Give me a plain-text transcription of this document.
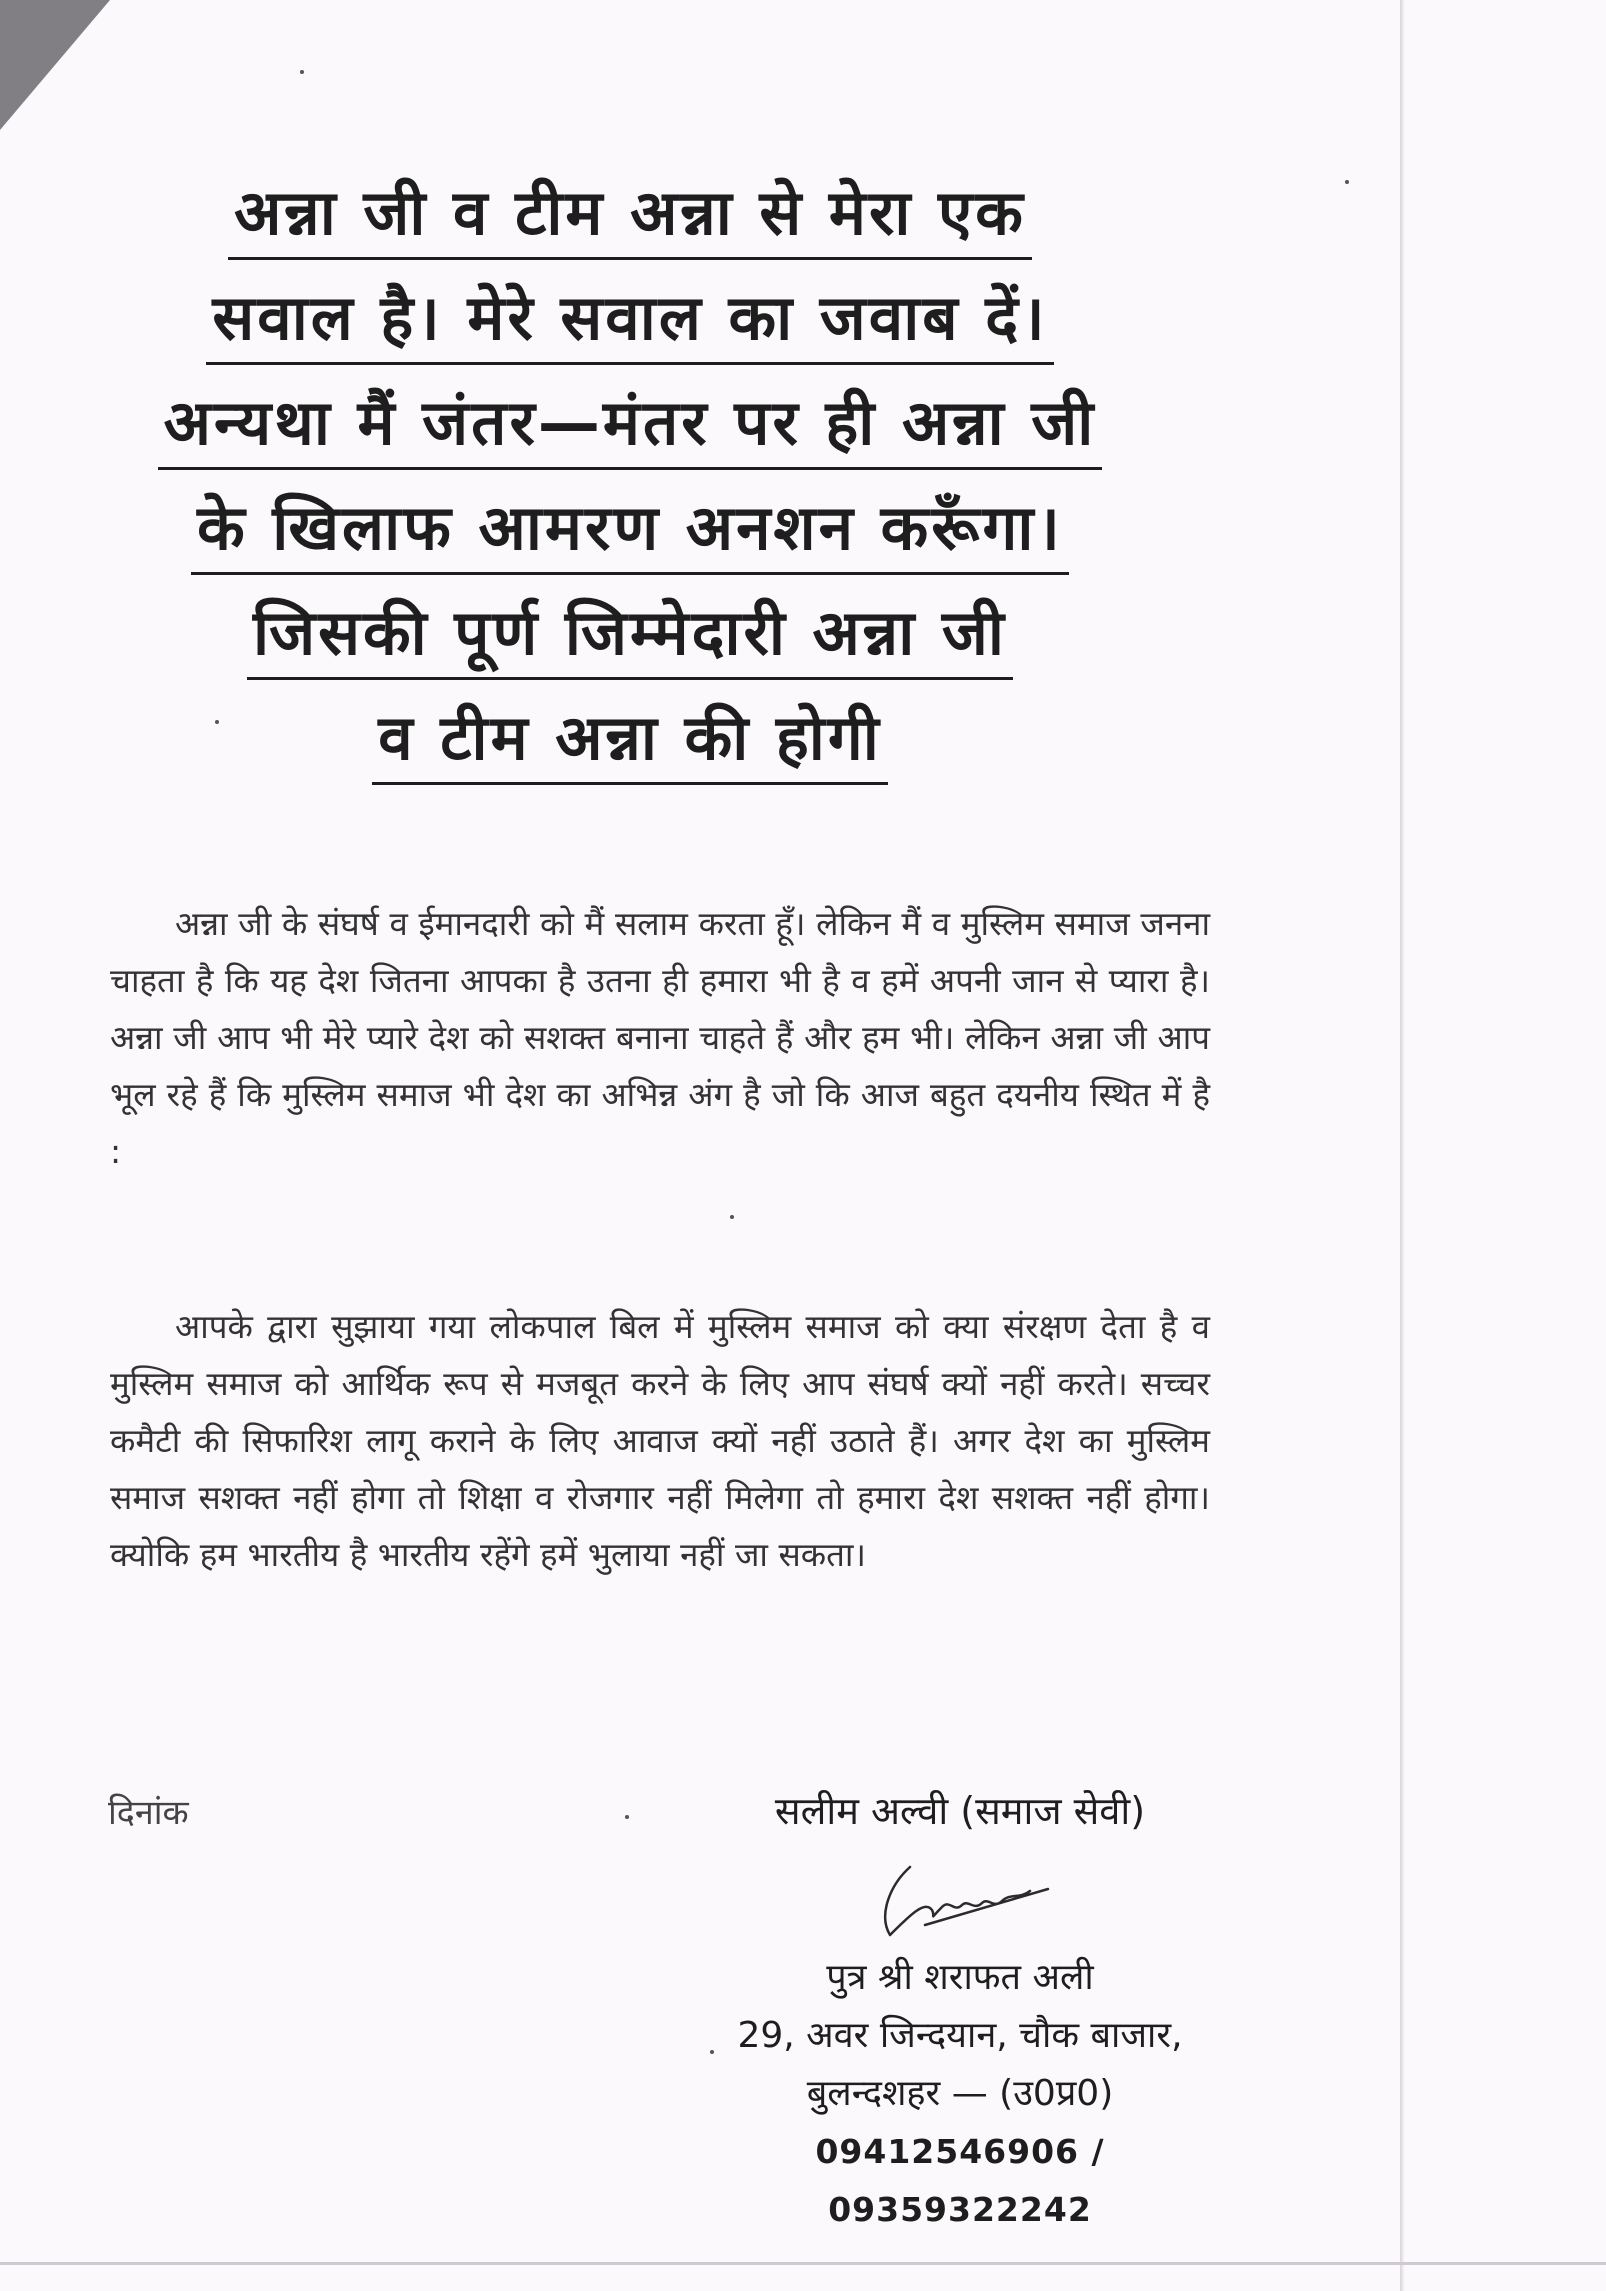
अन्ना जी व टीम अन्ना से मेरा एक
सवाल है। मेरे सवाल का जवाब दें।
अन्यथा मैं जंतर—मंतर पर ही अन्ना जी
के खिलाफ आमरण अनशन करूँगा।
जिसकी पूर्ण जिम्मेदारी अन्ना जी
व टीम अन्ना की होगी

अन्ना जी के संघर्ष व ईमानदारी को मैं सलाम करता हूँ। लेकिन मैं व मुस्लिम समाज जनना चाहता है कि यह देश जितना आपका है उतना ही हमारा भी है व हमें अपनी जान से प्यारा है। अन्ना जी आप भी मेरे प्यारे देश को सशक्त बनाना चाहते हैं और हम भी। लेकिन अन्ना जी आप भूल रहे हैं कि मुस्लिम समाज भी देश का अभिन्न अंग है जो कि आज बहुत दयनीय स्थित में है :

आपके द्वारा सुझाया गया लोकपाल बिल में मुस्लिम समाज को क्या संरक्षण देता है व मुस्लिम समाज को आर्थिक रूप से मजबूत करने के लिए आप संघर्ष क्यों नहीं करते। सच्चर कमैटी की सिफारिश लागू कराने के लिए आवाज क्यों नहीं उठाते हैं। अगर देश का मुस्लिम समाज सशक्त नहीं होगा तो शिक्षा व रोजगार नहीं मिलेगा तो हमारा देश सशक्त नहीं होगा। क्योकि हम भारतीय है भारतीय रहेंगे हमें भुलाया नहीं जा सकता।

दिनांक	सलीम अल्वी (समाज सेवी)
पुत्र श्री शराफत अली
29, अवर जिन्दयान, चौक बाजार,
बुलन्दशहर — (उ0प्र0)
09412546906 / 09359322242
